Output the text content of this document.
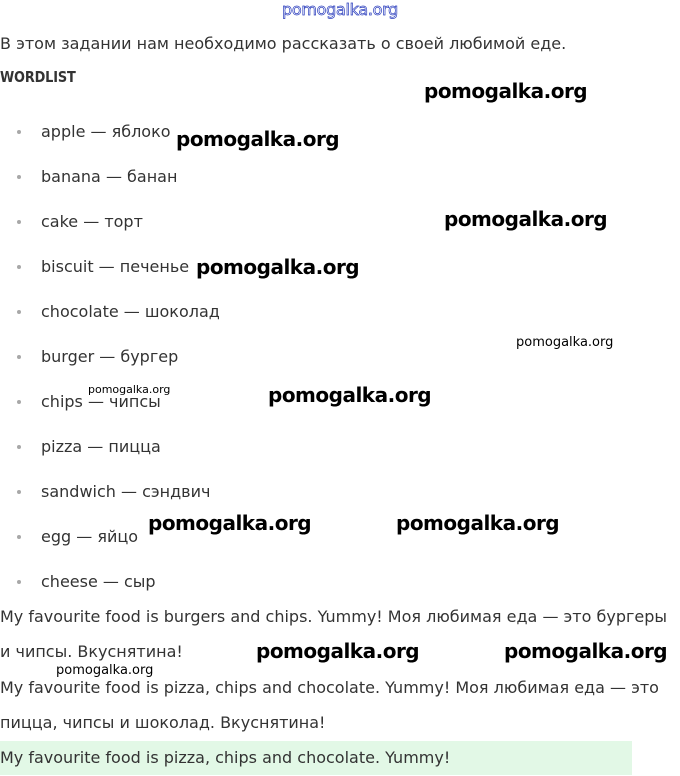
pomogalka.org
В этом задании нам необходимо рассказать о своей любимой еде.
WORDLIST
apple — яблоко
banana — банан
cake — торт
biscuit — печенье
chocolate — шоколад
burger — бургер
chips — чипсы
pizza — пицца
sandwich — сэндвич
egg — яйцо
cheese — сыр
My favourite food is burgers and chips. Yummy! Моя любимая еда — это бургеры
и чипсы. Вкуснятина!
My favourite food is pizza, chips and chocolate. Yummy! Моя любимая еда — это
пицца, чипсы и шоколад. Вкуснятина!
My favourite food is pizza, chips and chocolate. Yummy!
pomogalka.org
pomogalka.org
pomogalka.org
pomogalka.org
pomogalka.org
pomogalka.org	pomogalka.org
pomogalka.org	pomogalka.org
pomogalka.org	pomogalka.org
pomogalka.org
